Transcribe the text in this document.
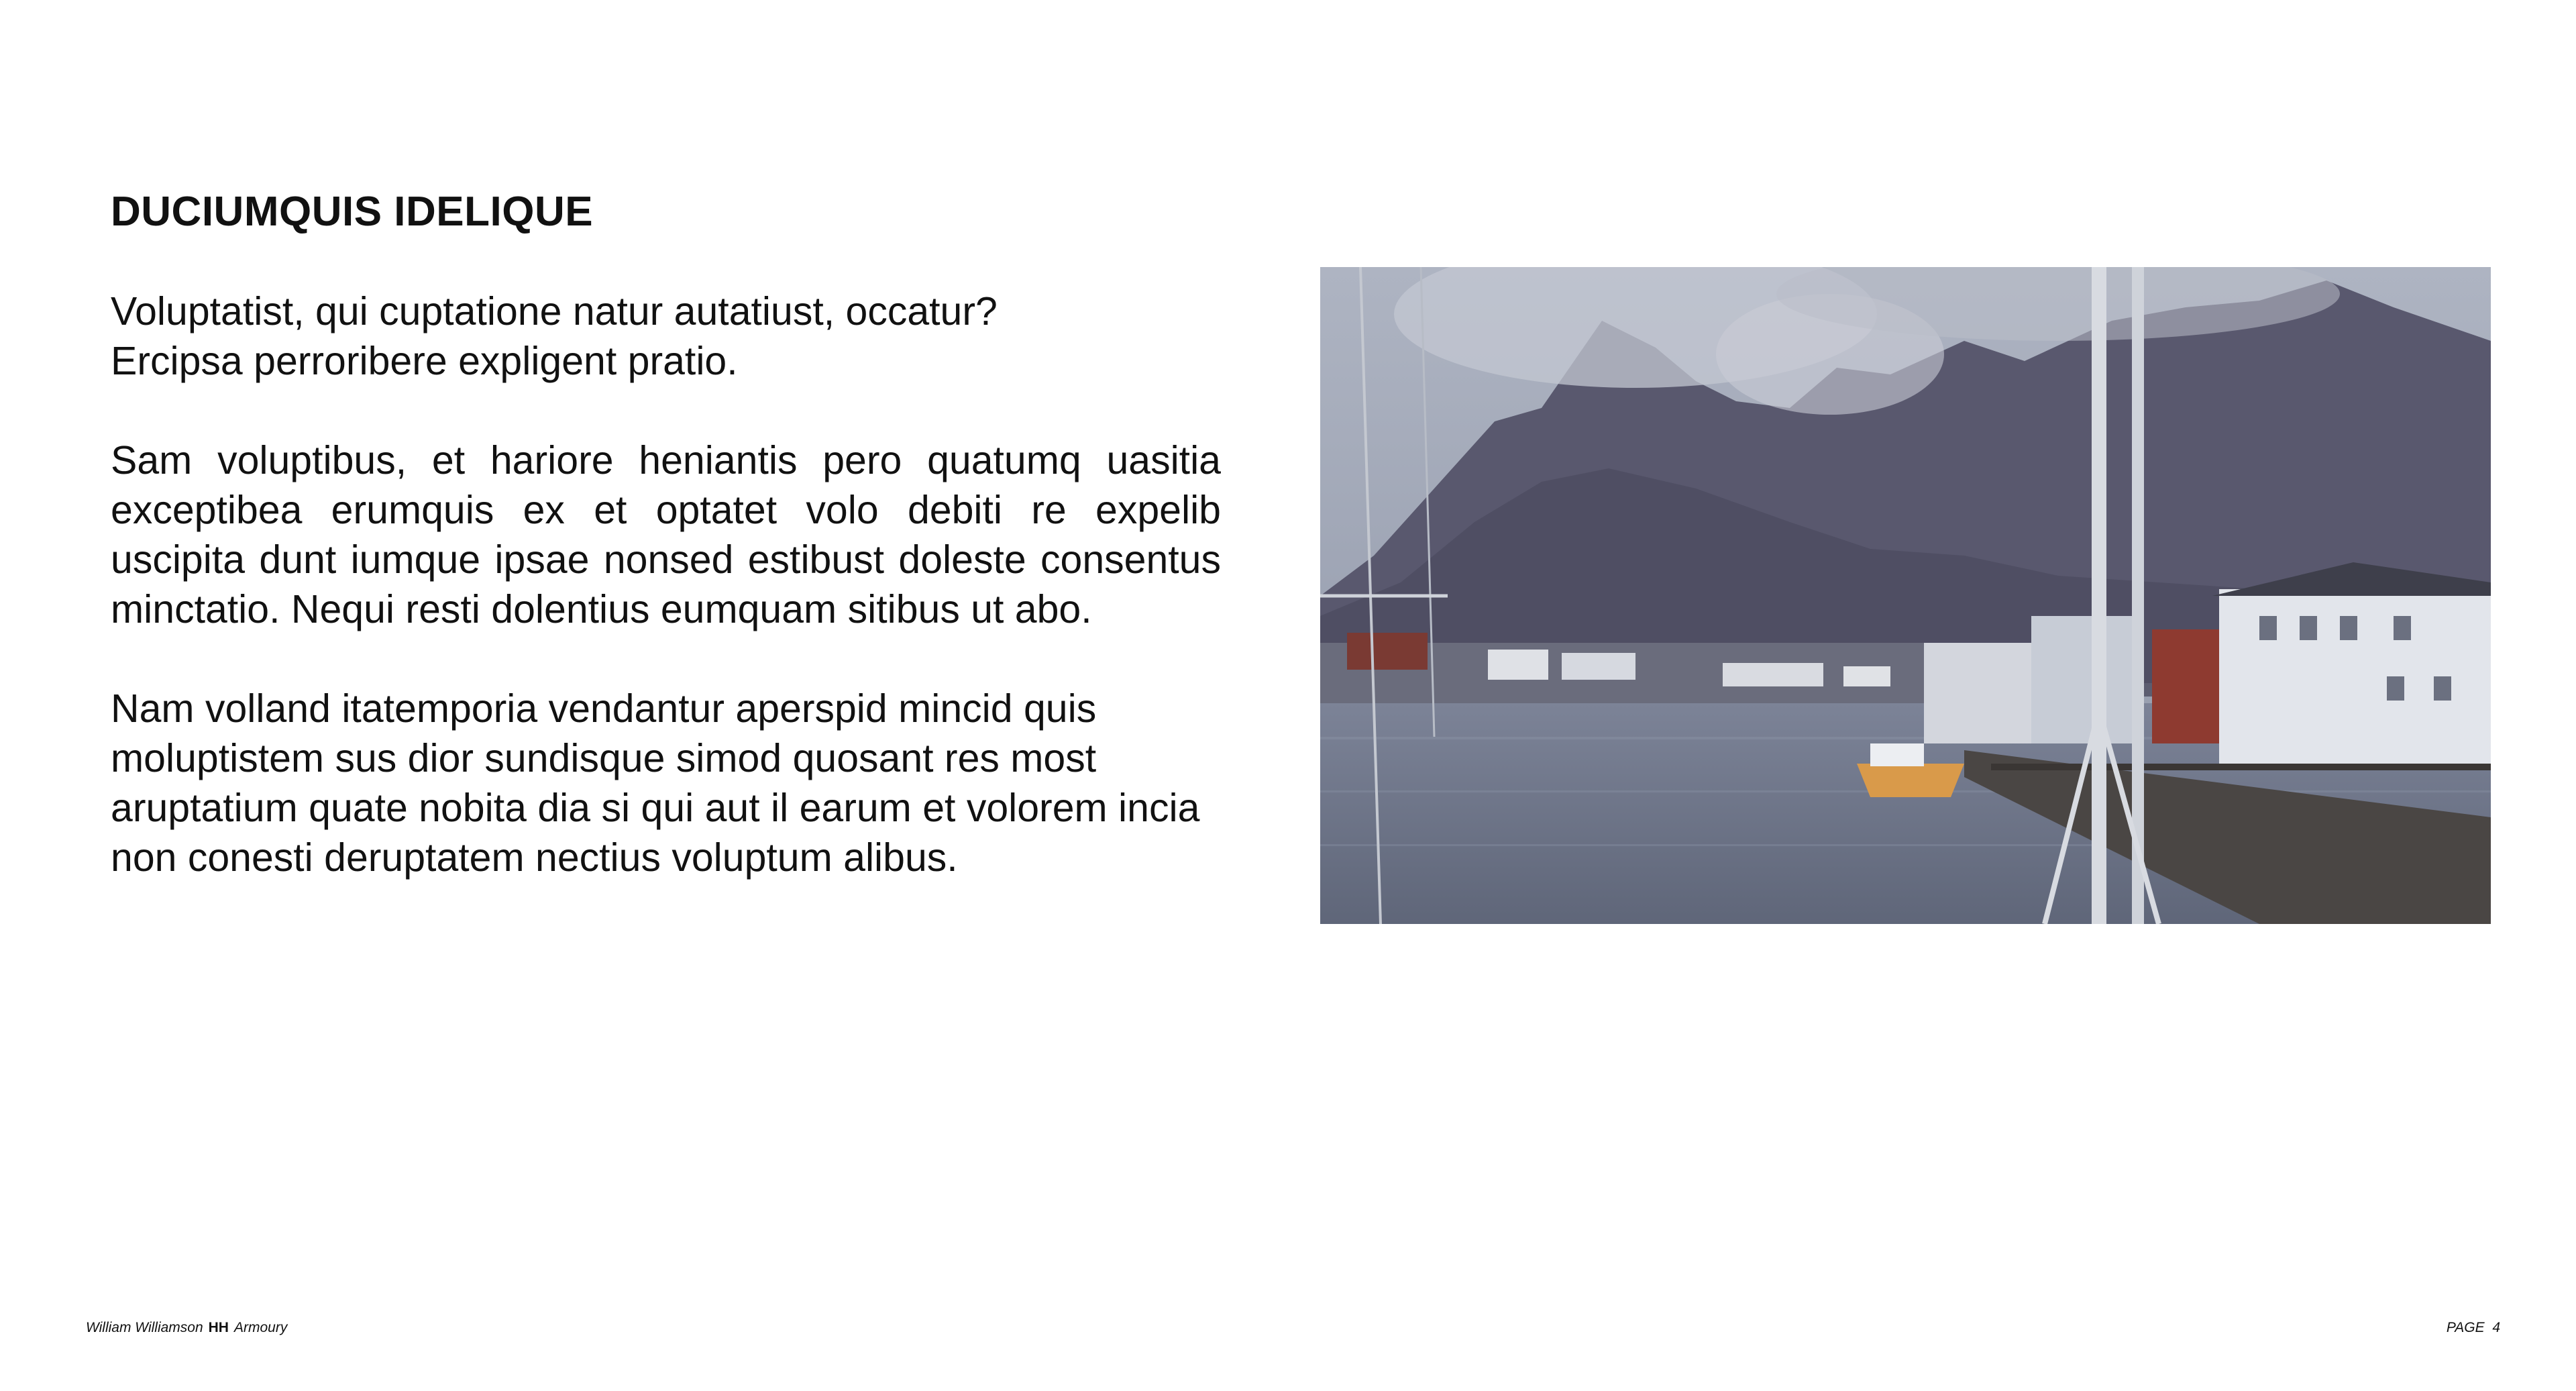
DUCIUMQUIS IDELIQUE

Voluptatist, qui cuptatione natur autatiust, occatur?
Ercipsa perroribere expligent pratio.

Sam voluptibus, et hariore heniantis pero quatumq uasitia exceptibea erumquis ex et optatet volo debiti re expelib uscipita dunt iumque ipsae nonsed estibust doleste consentus minctatio. Nequi resti dolentius eumquam sitibus ut abo.

Nam volland itatemporia vendantur aperspid mincid quis moluptistem sus dior sundisque simod quosant res most aruptatium quate nobita dia si qui aut il earum et volorem incia non conesti deruptatem nectius voluptum alibus.

William Williamson HH Armoury	PAGE 4
